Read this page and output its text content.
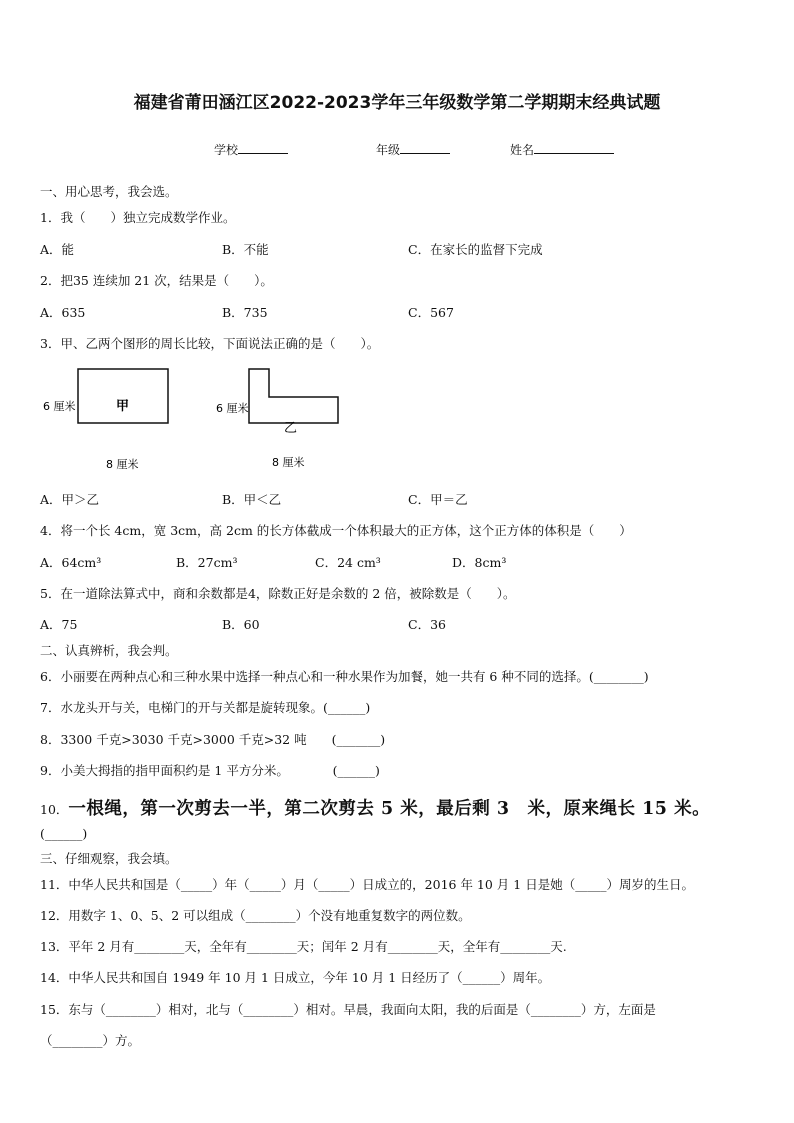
福建省莆田涵江区2022-2023学年三年级数学第二学期期末经典试题
学校	年级	姓名
一、用心思考，我会选。
1．我（　　）独立完成数学作业。
A．能	B．不能	C．在家长的监督下完成
2．把35 连续加 21 次，结果是（　　）。
A．635	B．735	C．567
3．甲、乙两个图形的周长比较，下面说法正确的是（　　）。
6 厘米	甲
8 厘米
6 厘米
乙
8 厘米
A．甲＞乙	B．甲＜乙	C．甲＝乙
4．将一个长 4cm，宽 3cm，高 2cm 的长方体截成一个体积最大的正方体，这个正方体的体积是（　　）
A．64cm³	B．27cm³	C．24 cm³	D．8cm³
5．在一道除法算式中，商和余数都是4，除数正好是余数的 2 倍，被除数是（　　）。
A．75	B．60	C．36
二、认真辨析，我会判。
6．小丽要在两种点心和三种水果中选择一种点心和一种水果作为加餐，她一共有 6 种不同的选择。(________)
7．水龙头开与关，电梯门的开与关都是旋转现象。(______)
8．3300 千克>3030 千克>3000 千克>32 吨　　(_______)
9．小美大拇指的指甲面积约是 1 平方分米。　　　　(______)
10．一根绳，第一次剪去一半，第二次剪去 5 米，最后剩 3　米，原来绳长 15 米。
(______)
三、仔细观察，我会填。
11．中华人民共和国是（_____）年（_____）月（_____）日成立的，2016 年 10 月 1 日是她（_____）周岁的生日。
12．用数字 1、0、5、2 可以组成（________）个没有地重复数字的两位数。
13．平年 2 月有________天，全年有________天；闰年 2 月有________天，全年有________天.
14．中华人民共和国自 1949 年 10 月 1 日成立，今年 10 月 1 日经历了（______）周年。
15．东与（________）相对，北与（________）相对。早晨，我面向太阳，我的后面是（________）方，左面是
（________）方。
